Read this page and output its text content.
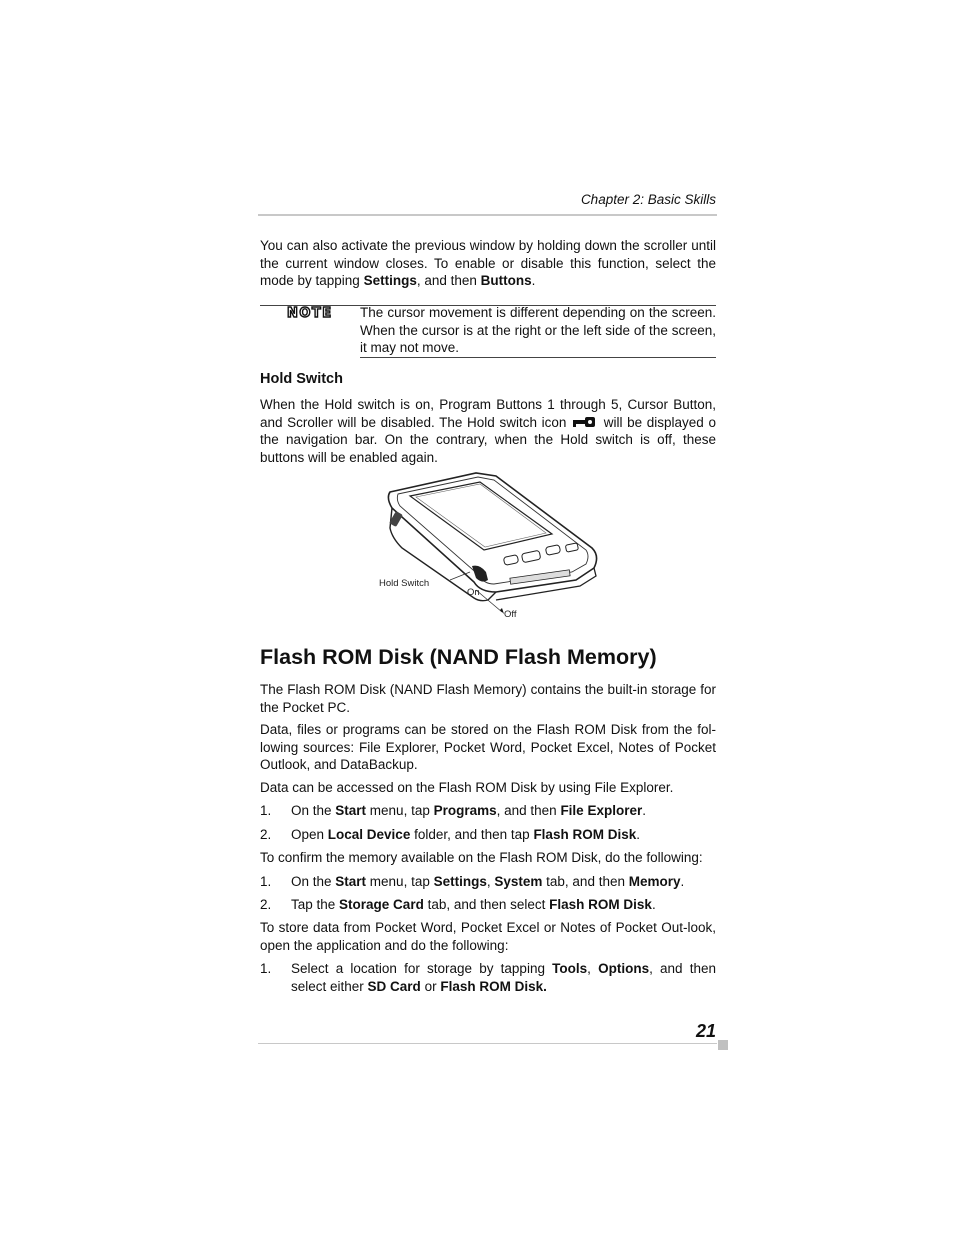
Chapter 2: Basic Skills

You can also activate the previous window by holding down the scroller until the current window closes. To enable or disable this function, select the mode by tapping Settings, and then Buttons.

NOTE The cursor movement is different depending on the screen. When the cursor is at the right or the left side of the screen, it may not move.

Hold Switch

When the Hold switch is on, Program Buttons 1 through 5, Cursor Button, and Scroller will be disabled. The Hold switch icon	will be displayed o the navigation bar. On the contrary, when the Hold switch is off, these buttons will be enabled again.

Hold Switch
On
Off
Flash ROM Disk (NAND Flash Memory)

The Flash ROM Disk (NAND Flash Memory) contains the built-in storage for the Pocket PC.

Data, files or programs can be stored on the Flash ROM Disk from the fol-lowing sources: File Explorer, Pocket Word, Pocket Excel, Notes of Pocket Outlook, and DataBackup.

Data can be accessed on the Flash ROM Disk by using File Explorer.

1. On the Start menu, tap Programs, and then File Explorer.
2. Open Local Device folder, and then tap Flash ROM Disk.

To confirm the memory available on the Flash ROM Disk, do the following:

1. On the Start menu, tap Settings, System tab, and then Memory.
2. Tap the Storage Card tab, and then select Flash ROM Disk.

To store data from Pocket Word, Pocket Excel or Notes of Pocket Out-look, open the application and do the following:

1. Select a location for storage by tapping Tools, Options, and then select either SD Card or Flash ROM Disk.
21
